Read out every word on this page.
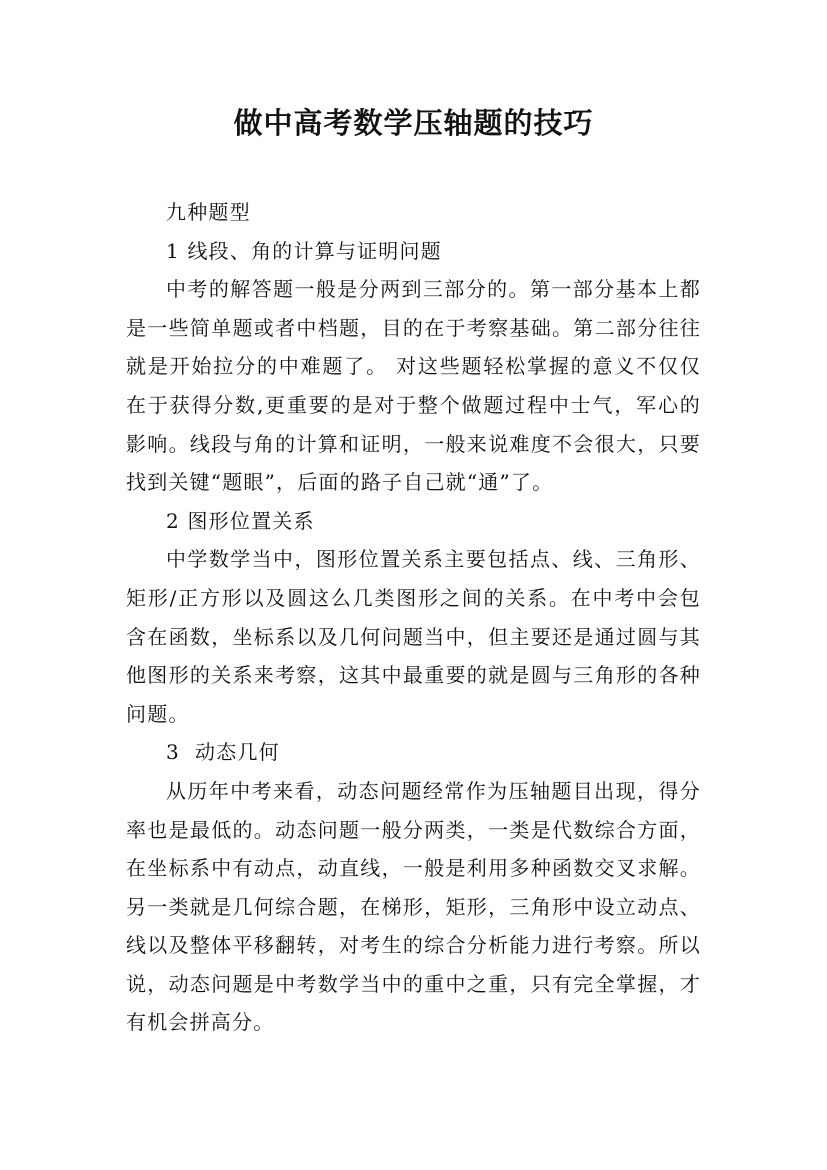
做中高考数学压轴题的技巧

九种题型

1 线段、角的计算与证明问题

中考的解答题一般是分两到三部分的。第一部分基本上都是一些简单题或者中档题，目的在于考察基础。第二部分往往就是开始拉分的中难题了。 对这些题轻松掌握的意义不仅仅在于获得分数,更重要的是对于整个做题过程中士气，军心的影响。线段与角的计算和证明，一般来说难度不会很大，只要找到关键“题眼”，后面的路子自己就“通”了。

2 图形位置关系

中学数学当中，图形位置关系主要包括点、线、三角形、矩形/正方形以及圆这么几类图形之间的关系。在中考中会包含在函数，坐标系以及几何问题当中，但主要还是通过圆与其他图形的关系来考察，这其中最重要的就是圆与三角形的各种问题。

3  动态几何

从历年中考来看，动态问题经常作为压轴题目出现，得分率也是最低的。动态问题一般分两类，一类是代数综合方面，在坐标系中有动点，动直线，一般是利用多种函数交叉求解。另一类就是几何综合题，在梯形，矩形，三角形中设立动点、线以及整体平移翻转，对考生的综合分析能力进行考察。所以说，动态问题是中考数学当中的重中之重，只有完全掌握，才有机会拼高分。
